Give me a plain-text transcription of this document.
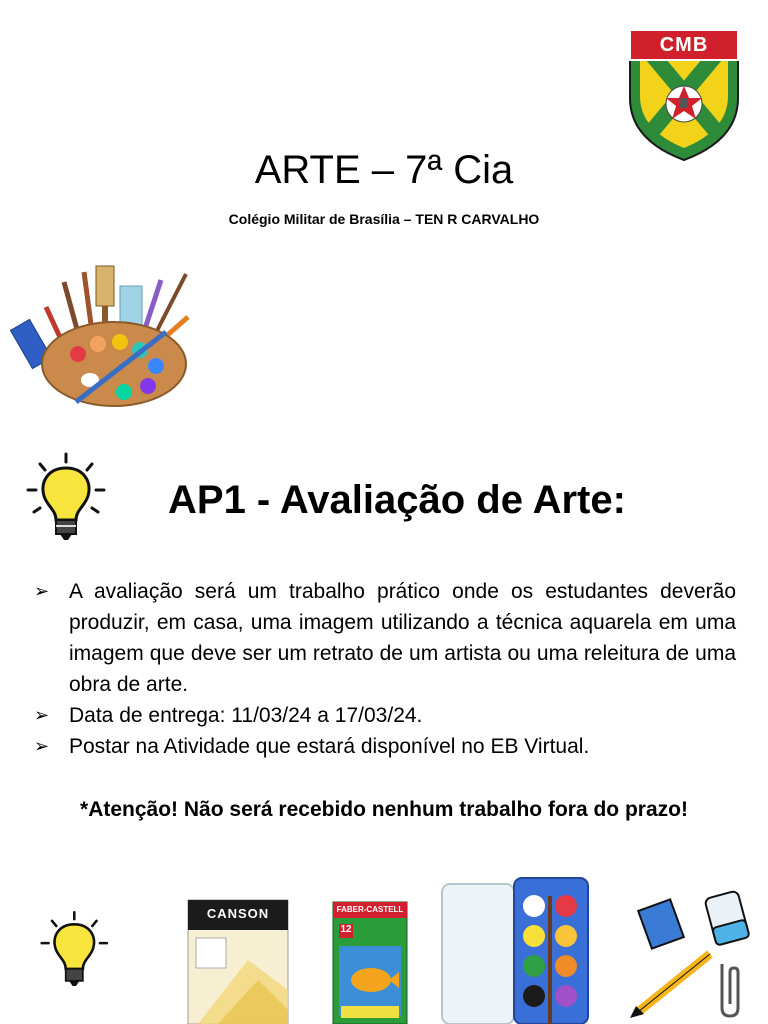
CMB
ARTE – 7ª Cia
Colégio Militar de Brasília – TEN R CARVALHO
AP1 - Avaliação de Arte:
➢ A avaliação será um trabalho prático onde os estudantes deverão produzir, em casa, uma imagem utilizando a técnica aquarela em uma imagem que deve ser um retrato de um artista ou uma releitura de uma obra de arte.
➢ Data de entrega: 11/03/24 a 17/03/24.
➢ Postar na Atividade que estará disponível no EB Virtual.
*Atenção! Não será recebido nenhum trabalho fora do prazo!
CANSON	FABER-CASTELL
12
